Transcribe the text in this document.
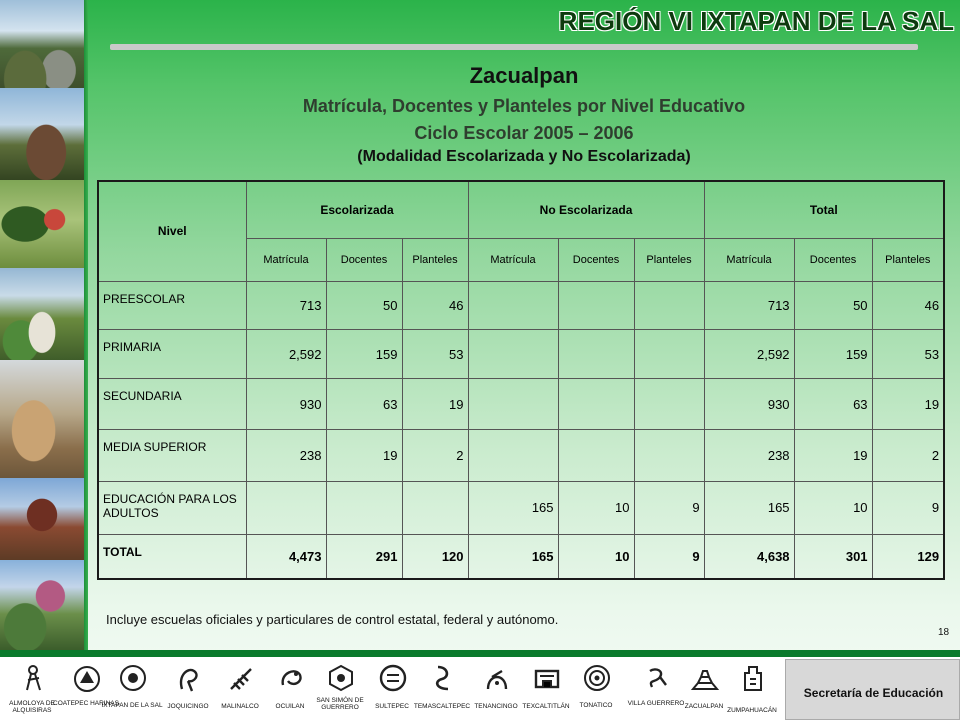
REGIÓN VI IXTAPAN DE LA SAL
Zacualpan
Matrícula, Docentes y Planteles por Nivel Educativo
Ciclo Escolar 2005 – 2006
(Modalidad Escolarizada y No Escolarizada)
Nivel	Escolarizada			No Escolarizada			Total		
	Matrícula	Docentes	Planteles	Matrícula	Docentes	Planteles	Matrícula	Docentes	Planteles
PREESCOLAR	713	50	46				713	50	46
PRIMARIA	2,592	159	53				2,592	159	53
SECUNDARIA	930	63	19				930	63	19
MEDIA SUPERIOR	238	19	2				238	19	2
EDUCACIÓN PARA LOS ADULTOS				165	10	9	165	10	9
TOTAL	4,473	291	120	165	10	9	4,638	301	129
Incluye escuelas oficiales y particulares de control estatal, federal y autónomo.
18
ALMOLOYA DE ALQUISIRAS
COATEPEC HARINAS
IXTAPAN DE LA SAL JOQUICINGO	MALINALCO	OCUILAN
SAN SIMÓN DE GUERRERO	SULTEPEC TEMASCALTEPEC TENANCINGO TEXCALTITLÁN	TONATICO	VILLA GUERRERO ZACUALPAN
ZUMPAHUACÁN
Secretaría de Educación
